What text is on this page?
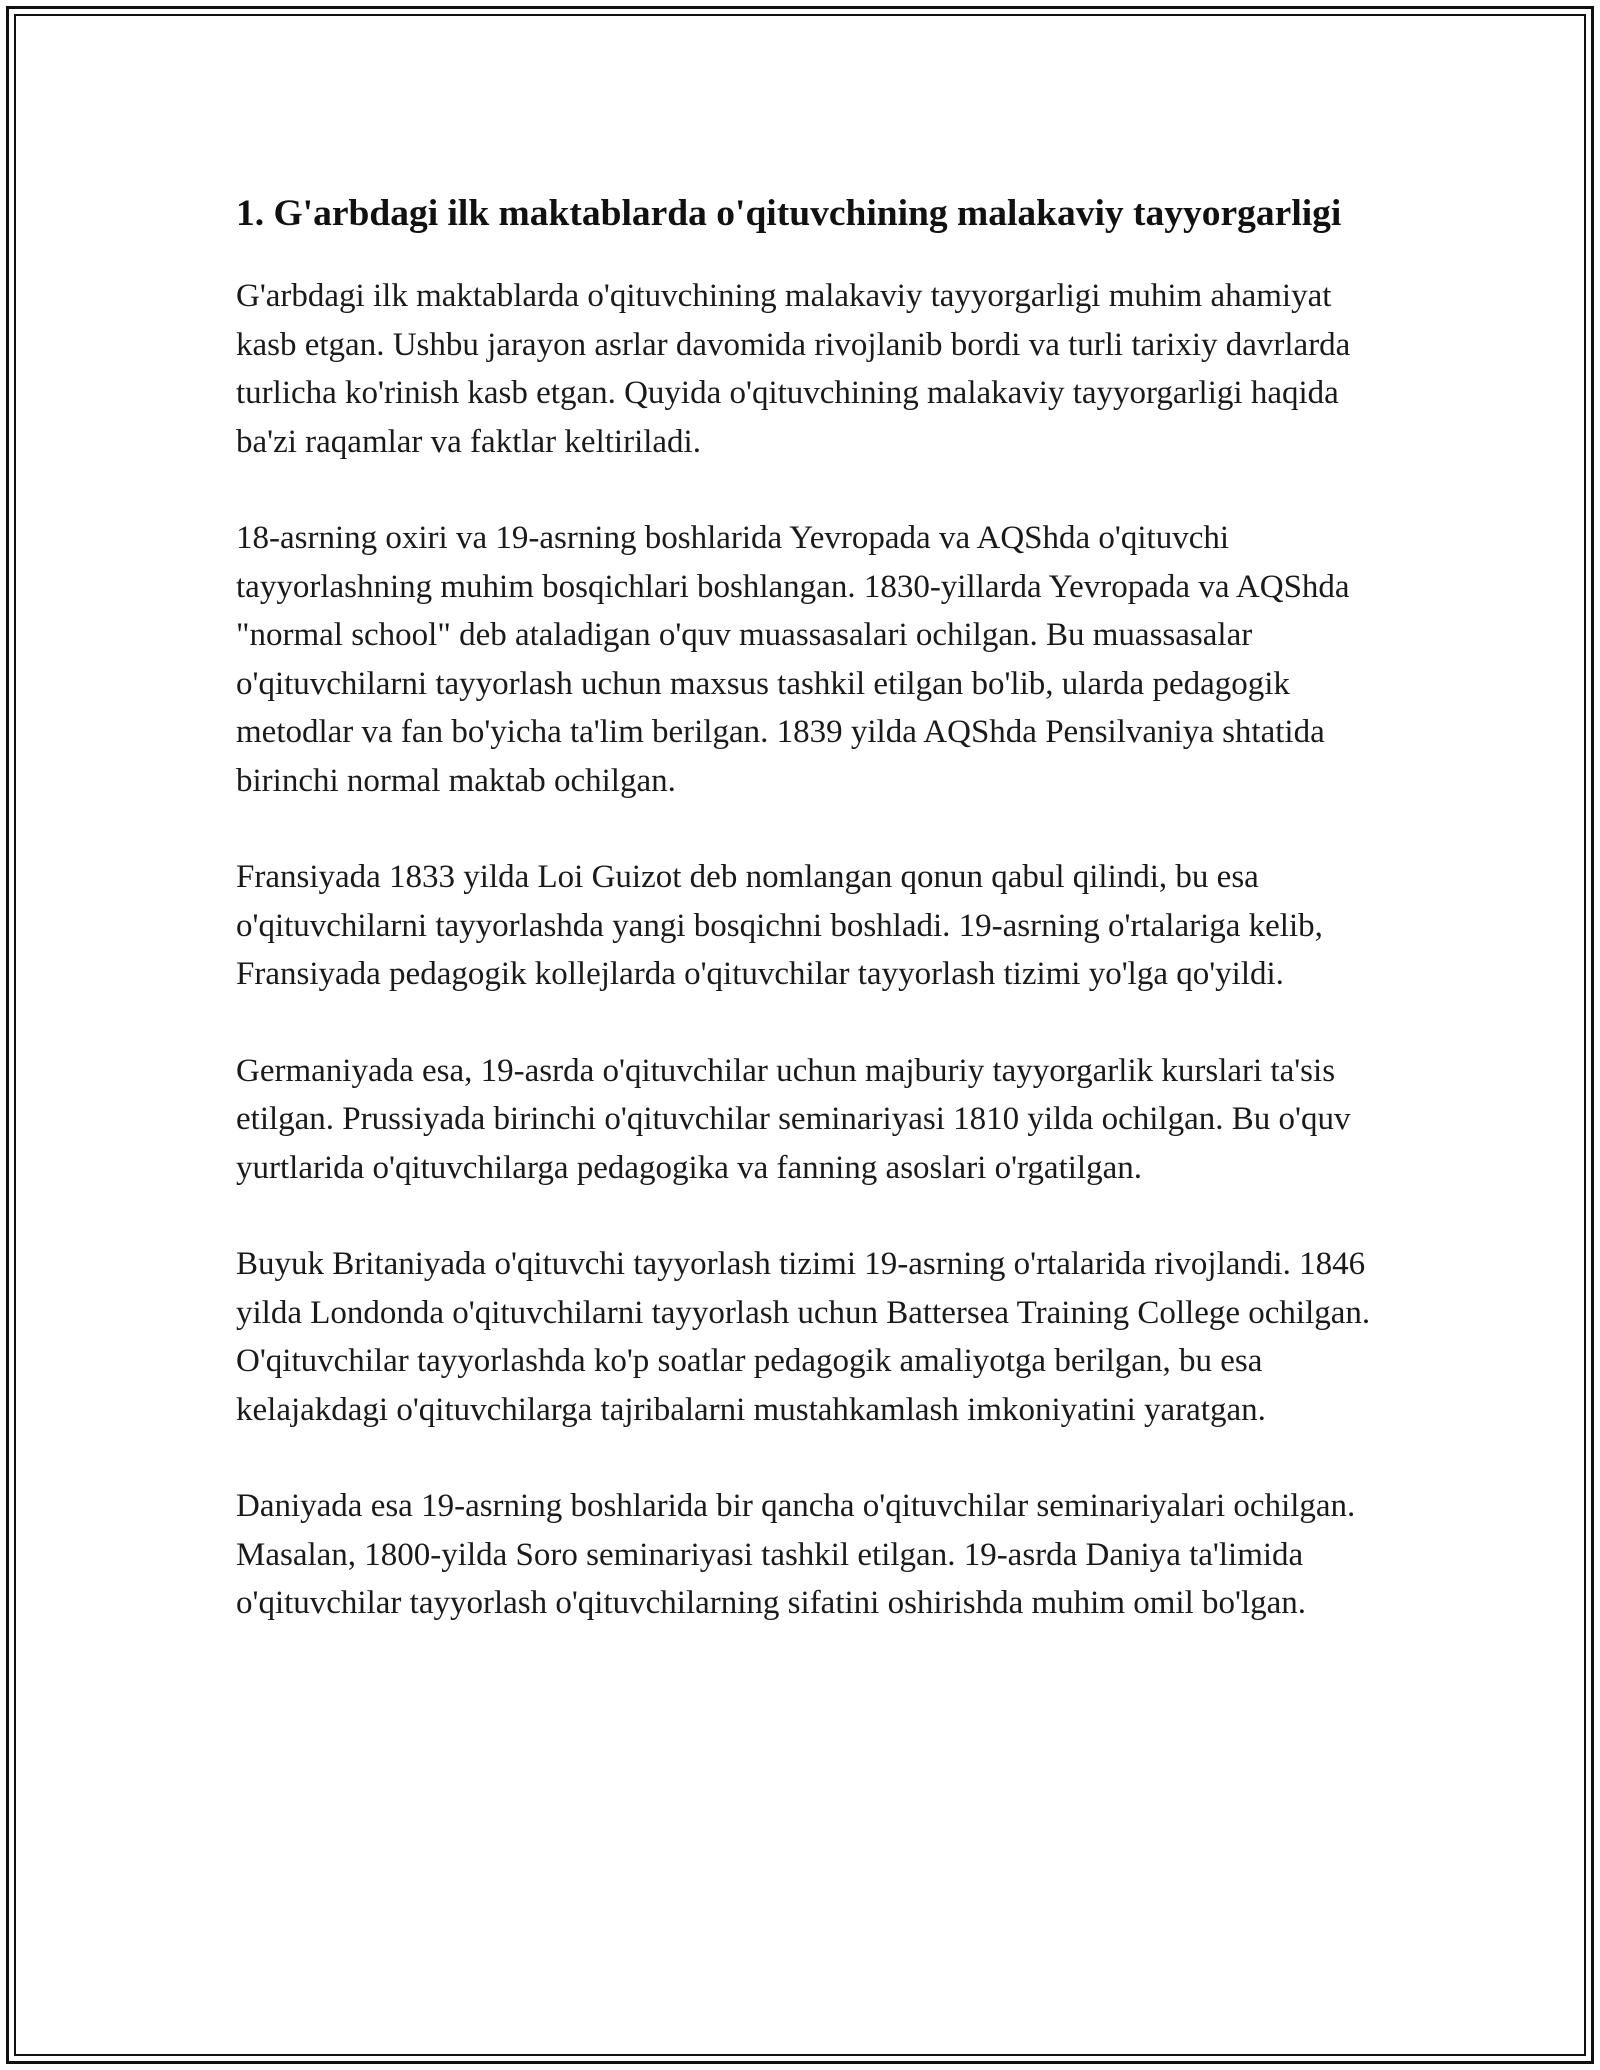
1. G'arbdagi ilk maktablarda o'qituvchining malakaviy tayyorgarligi

G'arbdagi ilk maktablarda o'qituvchining malakaviy tayyorgarligi muhim ahamiyat kasb etgan. Ushbu jarayon asrlar davomida rivojlanib bordi va turli tarixiy davrlarda turlicha ko'rinish kasb etgan. Quyida o'qituvchining malakaviy tayyorgarligi haqida ba'zi raqamlar va faktlar keltiriladi.

18-asrning oxiri va 19-asrning boshlarida Yevropada va AQShda o'qituvchi tayyorlashning muhim bosqichlari boshlangan. 1830-yillarda Yevropada va AQShda "normal school" deb ataladigan o'quv muassasalari ochilgan. Bu muassasalar o'qituvchilarni tayyorlash uchun maxsus tashkil etilgan bo'lib, ularda pedagogik metodlar va fan bo'yicha ta'lim berilgan. 1839 yilda AQShda Pensilvaniya shtatida birinchi normal maktab ochilgan.

Fransiyada 1833 yilda Loi Guizot deb nomlangan qonun qabul qilindi, bu esa o'qituvchilarni tayyorlashda yangi bosqichni boshladi. 19-asrning o'rtalariga kelib, Fransiyada pedagogik kollejlarda o'qituvchilar tayyorlash tizimi yo'lga qo'yildi.

Germaniyada esa, 19-asrda o'qituvchilar uchun majburiy tayyorgarlik kurslari ta'sis etilgan. Prussiyada birinchi o'qituvchilar seminariyasi 1810 yilda ochilgan. Bu o'quv yurtlarida o'qituvchilarga pedagogika va fanning asoslari o'rgatilgan.

Buyuk Britaniyada o'qituvchi tayyorlash tizimi 19-asrning o'rtalarida rivojlandi. 1846 yilda Londonda o'qituvchilarni tayyorlash uchun Battersea Training College ochilgan. O'qituvchilar tayyorlashda ko'p soatlar pedagogik amaliyotga berilgan, bu esa kelajakdagi o'qituvchilarga tajribalarni mustahkamlash imkoniyatini yaratgan.

Daniyada esa 19-asrning boshlarida bir qancha o'qituvchilar seminariyalari ochilgan. Masalan, 1800-yilda Soro seminariyasi tashkil etilgan. 19-asrda Daniya ta'limida o'qituvchilar tayyorlash o'qituvchilarning sifatini oshirishda muhim omil bo'lgan.
